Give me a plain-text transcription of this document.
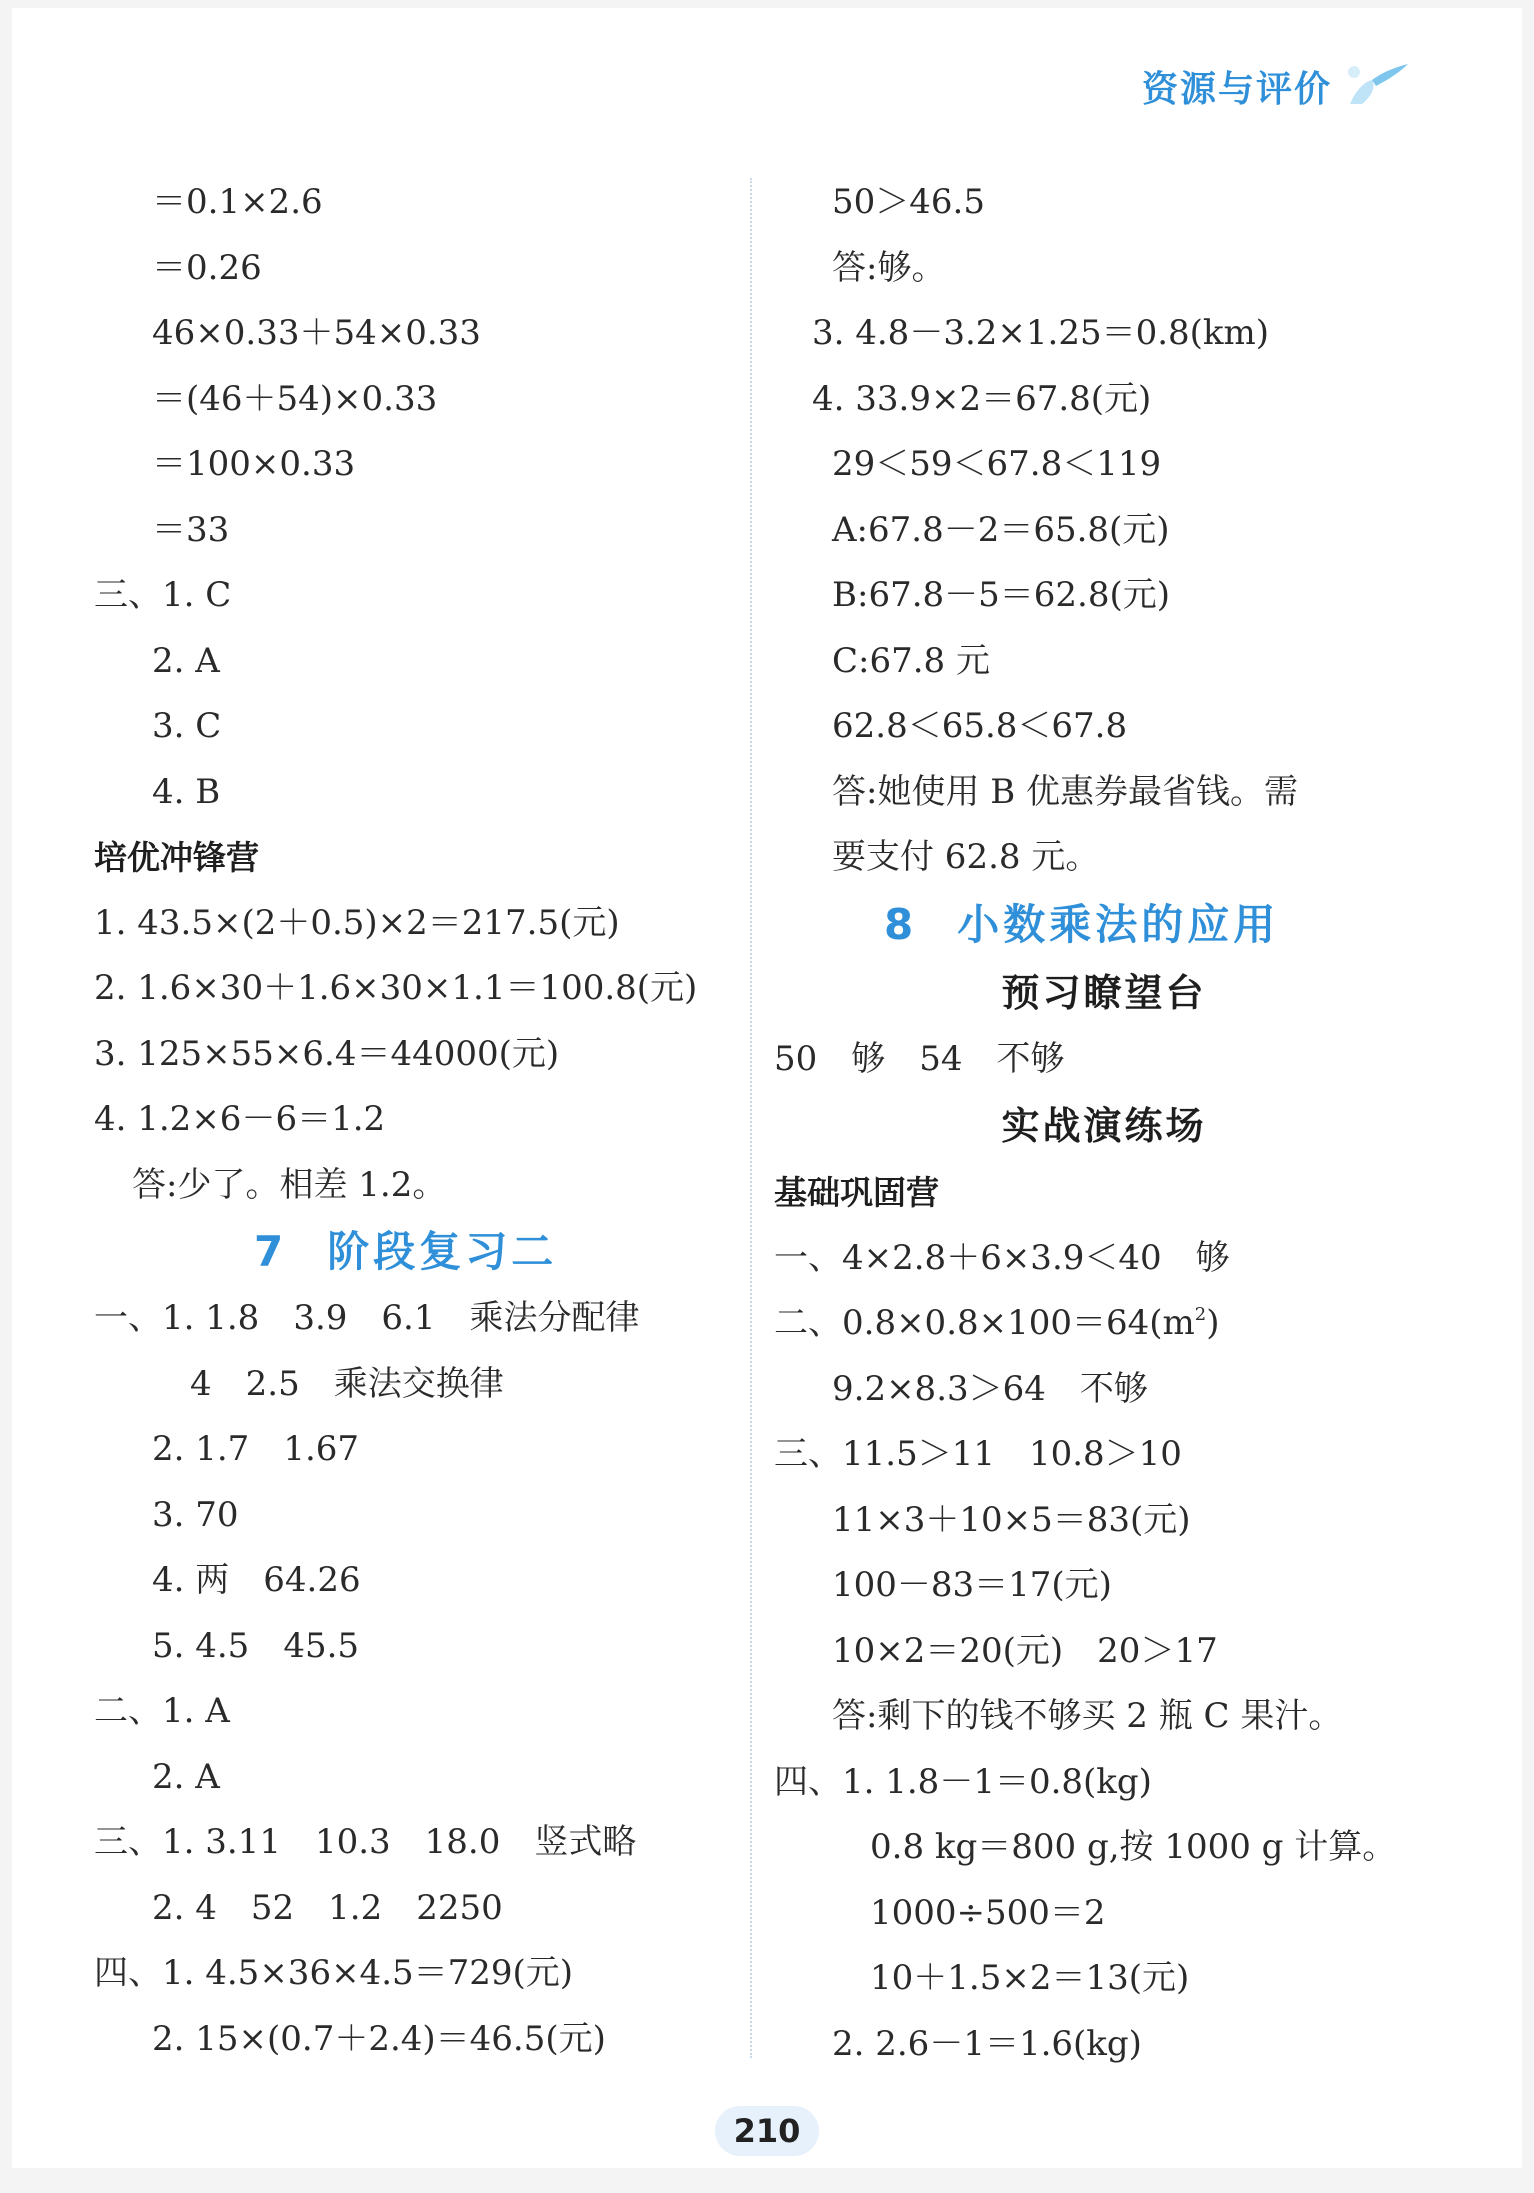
资源与评价
＝0.1×2.6
＝0.26
46×0.33＋54×0.33
＝(46＋54)×0.33
＝100×0.33
＝33
三、1. C
2. A
3. C
4. B
培优冲锋营
1. 43.5×(2＋0.5)×2＝217.5(元)
2. 1.6×30＋1.6×30×1.1＝100.8(元)
3. 125×55×6.4＝44000(元)
4. 1.2×6－6＝1.2
答:少了。相差 1.2。
7 阶段复习二
一、1. 1.8　3.9　6.1　乘法分配律
4　2.5　乘法交换律
2. 1.7　1.67
3. 70
4. 两　64.26
5. 4.5　45.5
二、1. A
2. A
三、1. 3.11　10.3　18.0　竖式略
2. 4　52　1.2　2250
四、1. 4.5×36×4.5＝729(元)
2. 15×(0.7＋2.4)＝46.5(元)
50＞46.5
答:够。
3. 4.8－3.2×1.25＝0.8(km)
4. 33.9×2＝67.8(元)
29＜59＜67.8＜119
A:67.8－2＝65.8(元)
B:67.8－5＝62.8(元)
C:67.8 元
62.8＜65.8＜67.8
答:她使用 B 优惠券最省钱。需
要支付 62.8 元。
8 小数乘法的应用
预习瞭望台
50　够　54　不够
实战演练场
基础巩固营
一、4×2.8＋6×3.9＜40　够
二、$0.8\times 0.8\times 100=64(m^2)$
9.2×8.3＞64　不够
三、11.5＞11　10.8＞10
11×3＋10×5＝83(元)
100－83＝17(元)
10×2＝20(元)　20＞17
答:剩下的钱不够买 2 瓶 C 果汁。
四、1. 1.8－1＝0.8(kg)
0.8 kg＝800 g,按 1000 g 计算。
1000÷500＝2
10＋1.5×2＝13(元)
2. 2.6－1＝1.6(kg)
210
